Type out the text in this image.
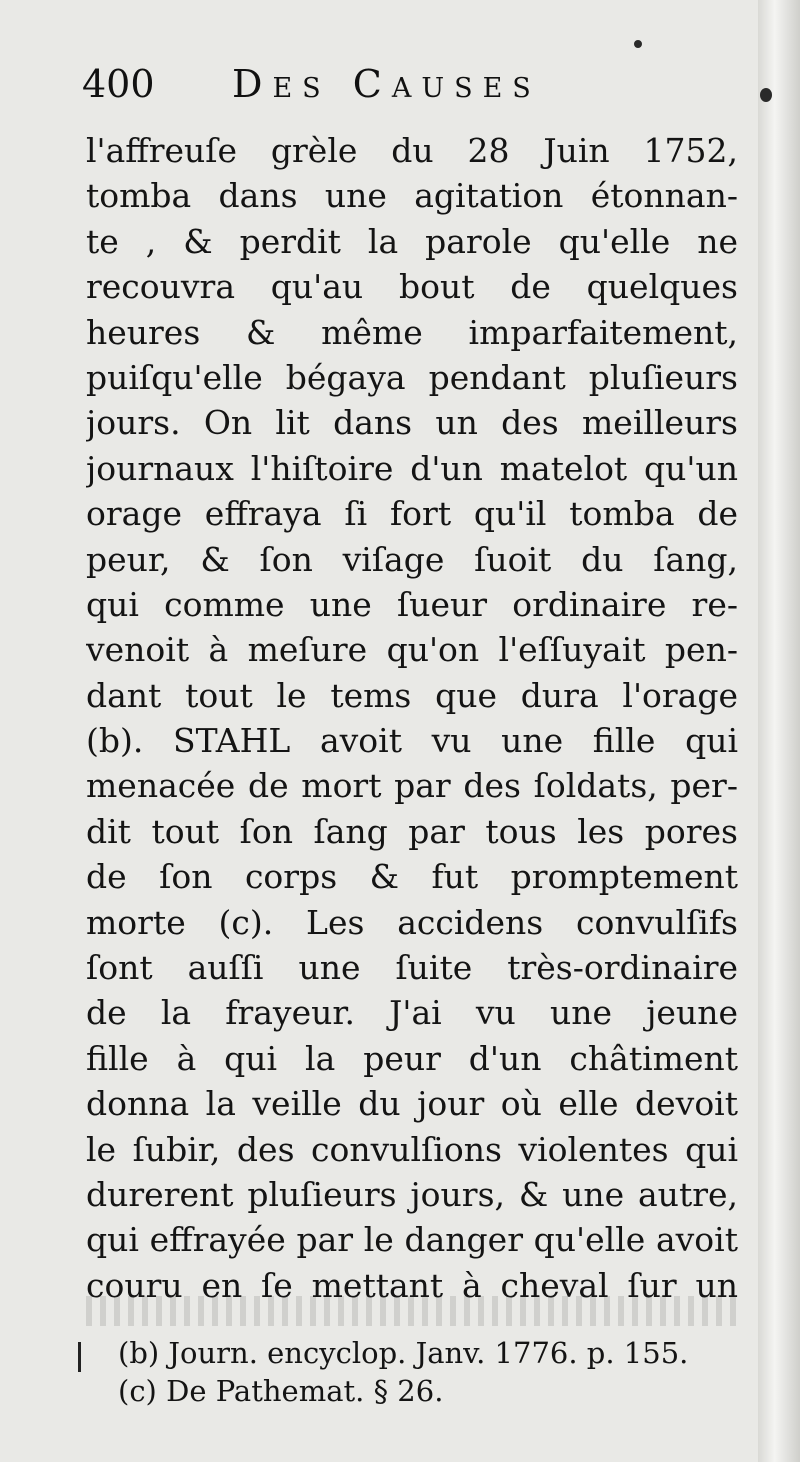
400 Des Causes
l'affreuſe grèle du 28 Juin 1752,
tomba dans une agitation étonnan-
te , & perdit la parole qu'elle ne
recouvra qu'au bout de quelques
heures & même imparfaitement,
puiſqu'elle bégaya pendant pluſieurs
jours. On lit dans un des meilleurs
journaux l'hiſtoire d'un matelot qu'un
orage effraya ſi fort qu'il tomba de
peur, & ſon viſage ſuoit du ſang,
qui comme une ſueur ordinaire re-
venoit à meſure qu'on l'eſſuyait pen-
dant tout le tems que dura l'orage
(b). STAHL avoit vu une fille qui
menacée de mort par des ſoldats, per-
dit tout ſon ſang par tous les pores
de ſon corps & fut promptement
morte (c). Les accidens convulſifs
ſont auſſi une ſuite très-ordinaire
de la frayeur. J'ai vu une jeune
fille à qui la peur d'un châtiment
donna la veille du jour où elle devoit
le ſubir, des convulſions violentes qui
durerent pluſieurs jours, & une autre,
qui effrayée par le danger qu'elle avoit
couru en ſe mettant à cheval ſur un
(b) Journ. encyclop. Janv. 1776. p. 155.
(c) De Pathemat. § 26.
